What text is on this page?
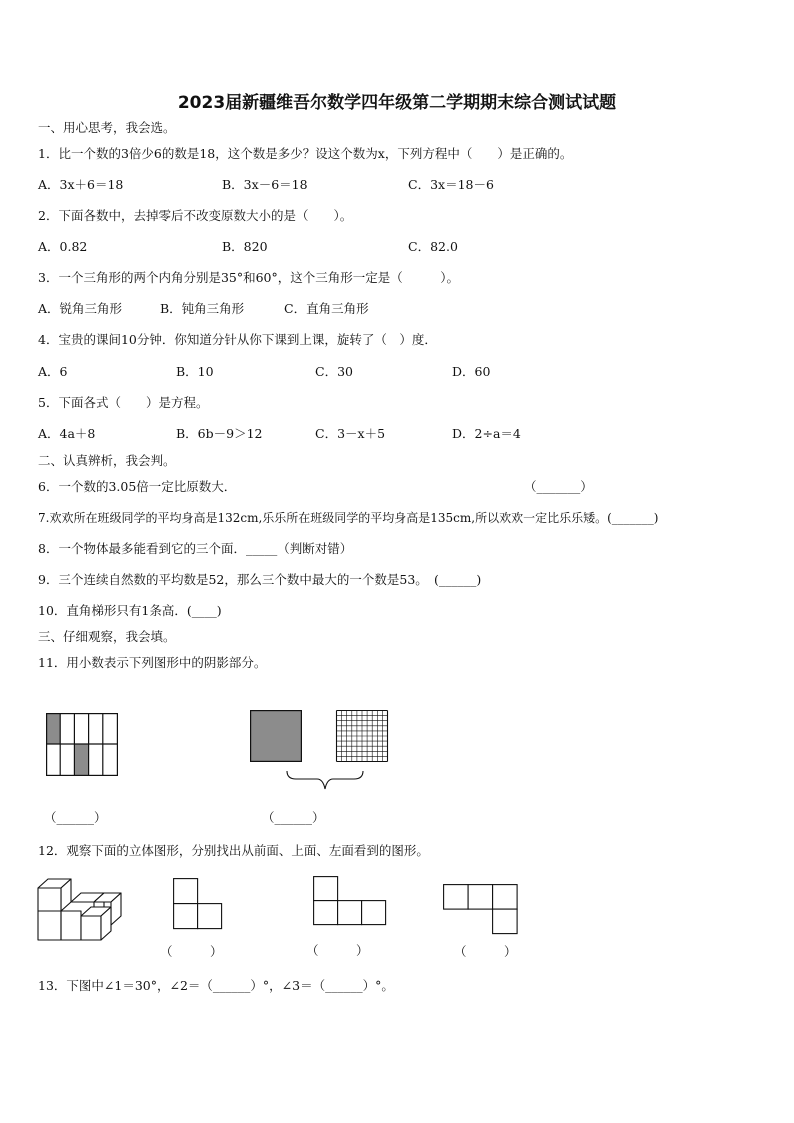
2023届新疆维吾尔数学四年级第二学期期末综合测试试题
一、用心思考，我会选。
1．比一个数的3倍少6的数是18，这个数是多少？设这个数为x，下列方程中（　　）是正确的。
A．3x＋6＝18	B．3x－6＝18	C．3x＝18－6
2．下面各数中，去掉零后不改变原数大小的是（　　）。
A．0.82	B．820	C．82.0
3．一个三角形的两个内角分别是35°和60°，这个三角形一定是（　　　）。
A．锐角三角形	B．钝角三角形	C．直角三角形
4．宝贵的课间10分钟．你知道分针从你下课到上课，旋转了（　）度．
A．6	B．10	C．30	D．60
5．下面各式（　　）是方程。
A．4a＋8	B．6b－9＞12	C．3－x＋5	D．2÷a＝4
二、认真辨析，我会判。
6．一个数的3.05倍一定比原数大．	（_______）
7.欢欢所在班级同学的平均身高是132cm,乐乐所在班级同学的平均身高是135cm,所以欢欢一定比乐乐矮。(_______)
8．一个物体最多能看到它的三个面．_____（判断对错）
9．三个连续自然数的平均数是52，那么三个数中最大的一个数是53。　(______)
10．直角梯形只有1条高．(____)
三、仔细观察，我会填。
11．用小数表示下列图形中的阴影部分。
（______）	（______）
12．观察下面的立体图形，分别找出从前面、上面、左面看到的图形。
（　　　）	（　　　）	（　　　）
13．下图中∠1＝30°，∠2＝（______）°，∠3＝（______）°。
